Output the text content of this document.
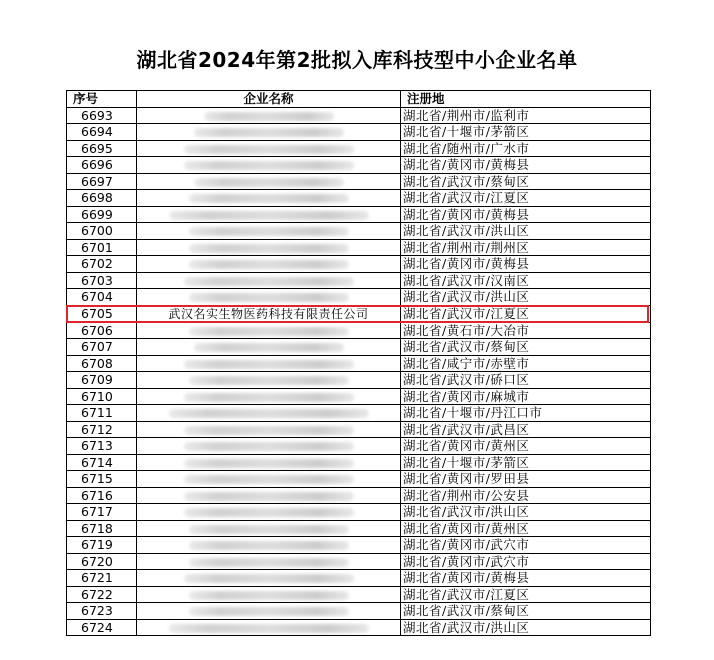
湖北省2024年第2批拟入库科技型中小企业名单
序号	企业名称	注册地
6693		湖北省/荆州市/监利市
6694		湖北省/十堰市/茅箭区
6695		湖北省/随州市/广水市
6696		湖北省/黄冈市/黄梅县
6697		湖北省/武汉市/蔡甸区
6698		湖北省/武汉市/江夏区
6699		湖北省/黄冈市/黄梅县
6700		湖北省/武汉市/洪山区
6701		湖北省/荆州市/荆州区
6702		湖北省/黄冈市/黄梅县
6703		湖北省/武汉市/汉南区
6704		湖北省/武汉市/洪山区
6705	武汉名实生物医药科技有限责任公司	湖北省/武汉市/江夏区
6706		湖北省/黄石市/大冶市
6707		湖北省/武汉市/蔡甸区
6708		湖北省/咸宁市/赤壁市
6709		湖北省/武汉市/硚口区
6710		湖北省/黄冈市/麻城市
6711		湖北省/十堰市/丹江口市
6712		湖北省/武汉市/武昌区
6713		湖北省/黄冈市/黄州区
6714		湖北省/十堰市/茅箭区
6715		湖北省/黄冈市/罗田县
6716		湖北省/荆州市/公安县
6717		湖北省/武汉市/洪山区
6718		湖北省/黄冈市/黄州区
6719		湖北省/黄冈市/武穴市
6720		湖北省/黄冈市/武穴市
6721		湖北省/黄冈市/黄梅县
6722		湖北省/武汉市/江夏区
6723		湖北省/武汉市/蔡甸区
6724		湖北省/武汉市/洪山区
